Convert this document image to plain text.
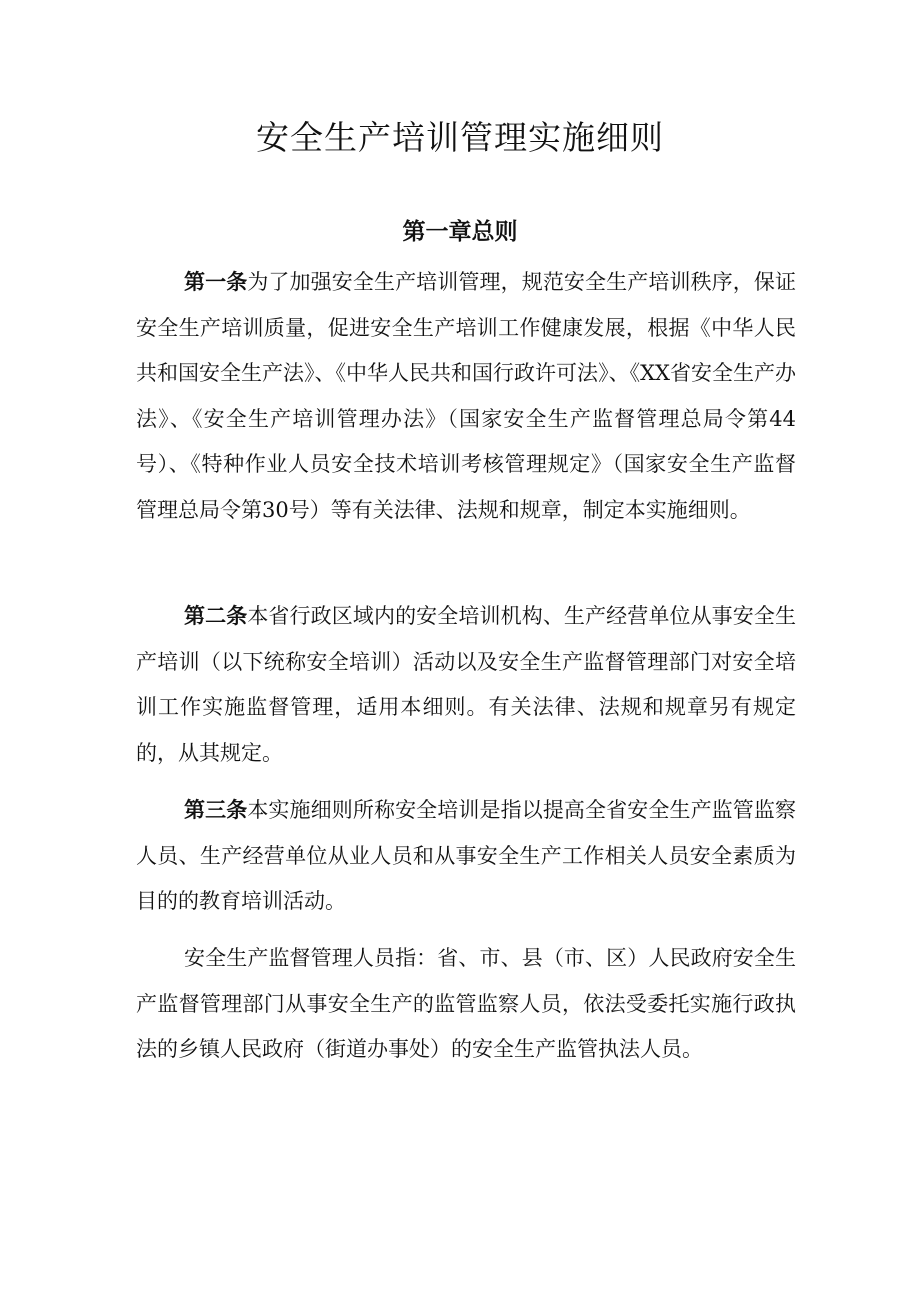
安全生产培训管理实施细则
第一章总则

第一条为了加强安全生产培训管理，规范安全生产培训秩序，保证安全生产培训质量，促进安全生产培训工作健康发展，根据《中华人民共和国安全生产法》、《中华人民共和国行政许可法》、《XX省安全生产办法》、《安全生产培训管理办法》（国家安全生产监督管理总局令第44号）、《特种作业人员安全技术培训考核管理规定》（国家安全生产监督管理总局令第30号）等有关法律、法规和规章，制定本实施细则。

第二条本省行政区域内的安全培训机构、生产经营单位从事安全生产培训（以下统称安全培训）活动以及安全生产监督管理部门对安全培训工作实施监督管理，适用本细则。有关法律、法规和规章另有规定的，从其规定。

第三条本实施细则所称安全培训是指以提高全省安全生产监管监察人员、生产经营单位从业人员和从事安全生产工作相关人员安全素质为目的的教育培训活动。

安全生产监督管理人员指：省、市、县（市、区）人民政府安全生产监督管理部门从事安全生产的监管监察人员，依法受委托实施行政执法的乡镇人民政府（街道办事处）的安全生产监管执法人员。
